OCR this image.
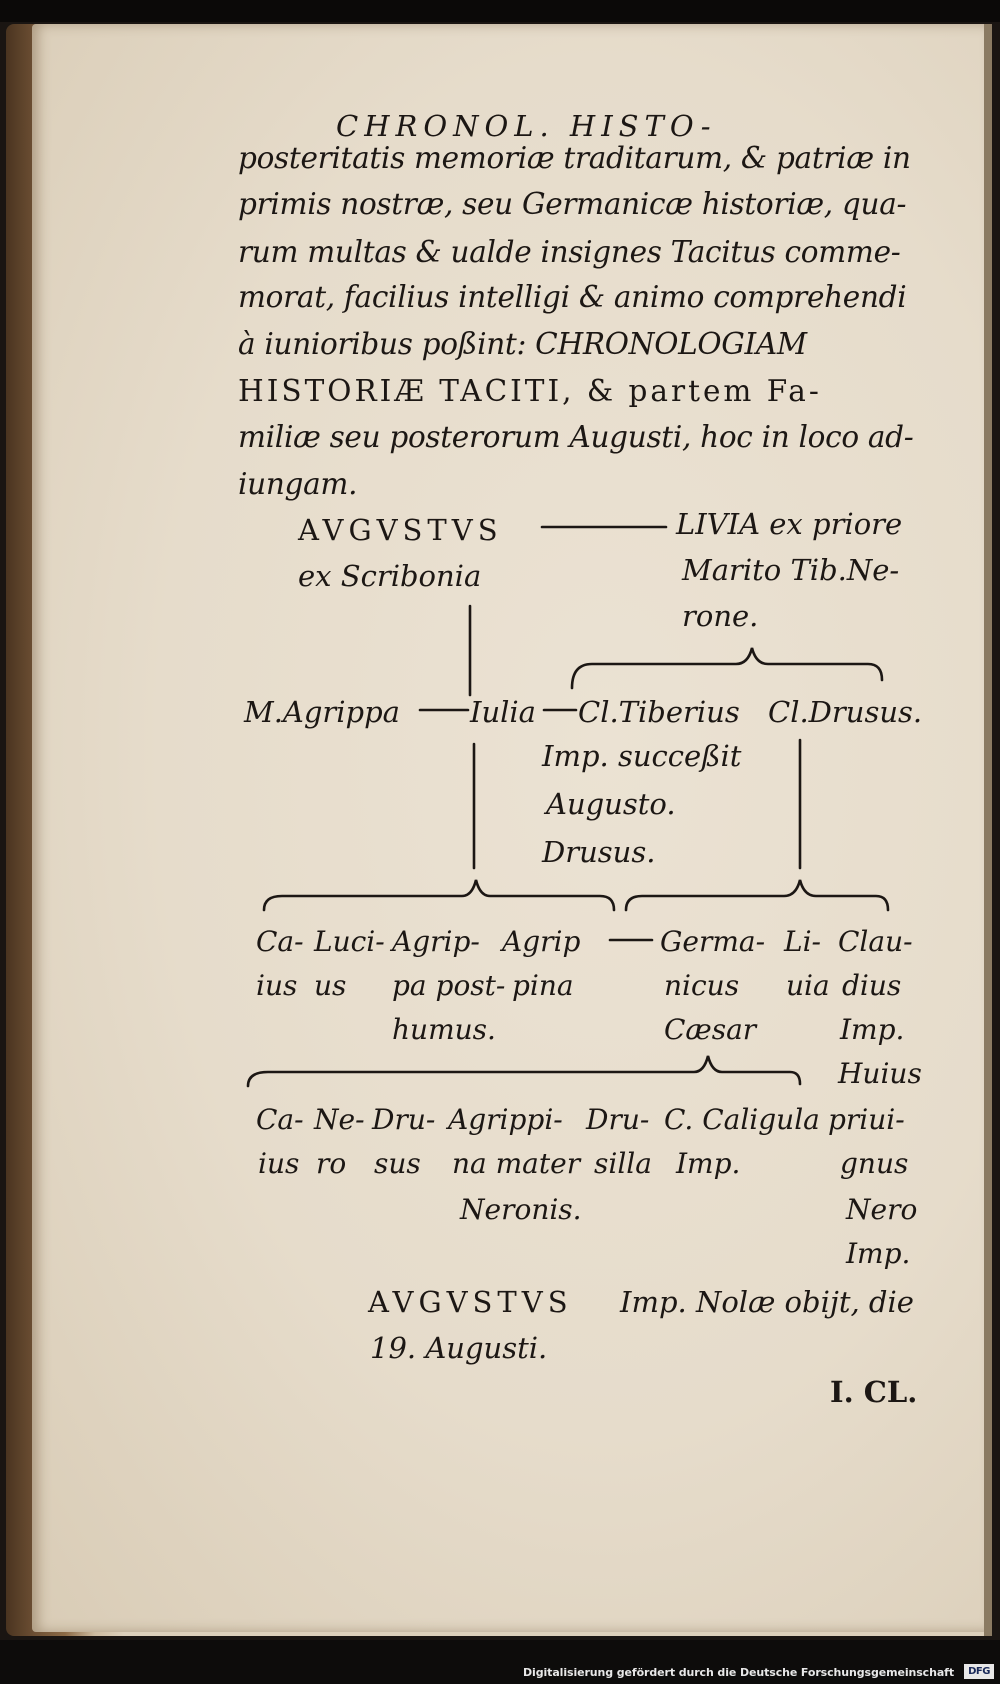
CHRONOL. HISTO-
posteritatis memoriæ traditarum, & patriæ in
primis nostræ, seu Germanicæ historiæ, qua-
rum multas & ualde insignes Tacitus comme-
morat, facilius intelligi & animo comprehendi
à iunioribus poßint: CHRONOLOGIAM
HISTORIÆ TACITI, & partem Fa-
miliæ seu posterorum Augusti, hoc in loco ad-
iungam.
AVGVSTVS
ex Scribonia
LIVIA ex priore
Marito Tib.Ne-
rone.
M.Agrippa Iulia Cl.Tiberius
Imp. succeßit
Augusto.
Drusus.
Cl.Drusus.
Ca- Luci- Agrip- Agrip	Germa- Li- Clau-
ius us pa post- pina	nicus uia dius
humus.	Cæsar	Imp.
Huius
Ca- Ne- Dru- Agrippi- Dru- C. Caligula priui-
ius ro sus na mater silla Imp.	gnus
Neronis.	Nero
Imp.
AVGVSTVS Imp. Nolæ obijt, die
19. Augusti.
I. CL.
Digitalisierung gefördert durch die Deutsche Forschungsgemeinschaft	DFG
